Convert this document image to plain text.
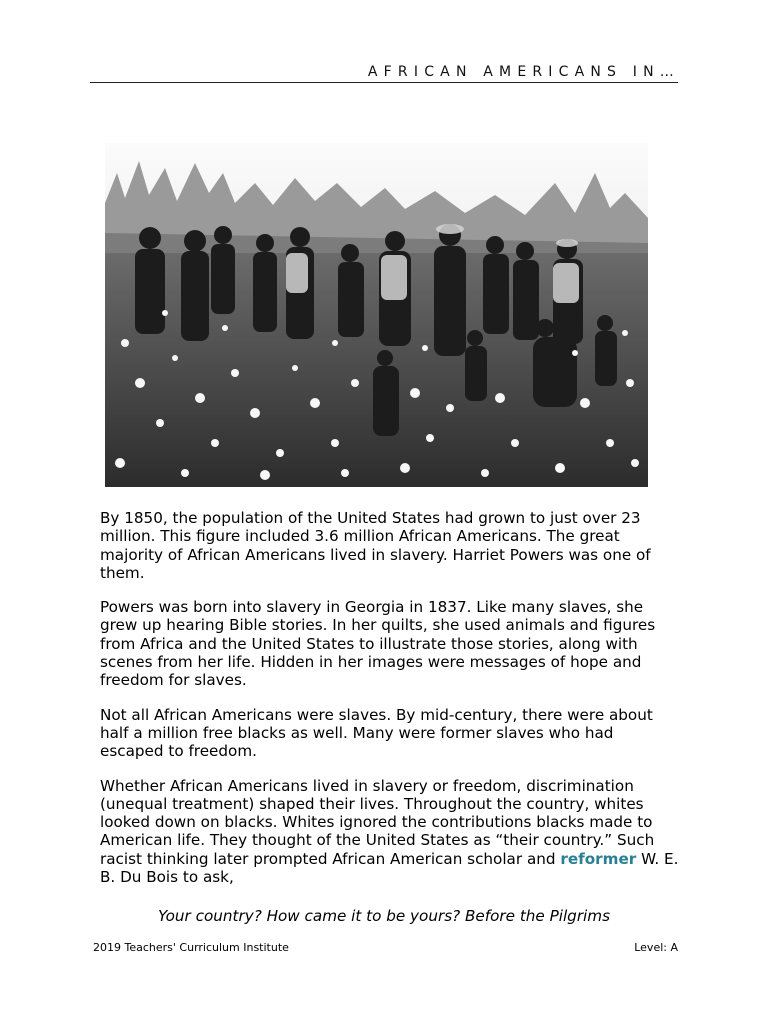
AFRICAN AMERICANS IN…

By 1850, the population of the United States had grown to just over 23 million. This figure included 3.6 million African Americans. The great majority of African Americans lived in slavery. Harriet Powers was one of them.

Powers was born into slavery in Georgia in 1837. Like many slaves, she grew up hearing Bible stories. In her quilts, she used animals and figures from Africa and the United States to illustrate those stories, along with scenes from her life. Hidden in her images were messages of hope and freedom for slaves.

Not all African Americans were slaves. By mid-century, there were about half a million free blacks as well. Many were former slaves who had escaped to freedom.

Whether African Americans lived in slavery or freedom, discrimination (unequal treatment) shaped their lives. Throughout the country, whites looked down on blacks. Whites ignored the contributions blacks made to American life. They thought of the United States as “their country.” Such racist thinking later prompted African American scholar and reformer W. E. B. Du Bois to ask,

Your country? How came it to be yours? Before the Pilgrims
2019 Teachers' Curriculum Institute	Level: A
